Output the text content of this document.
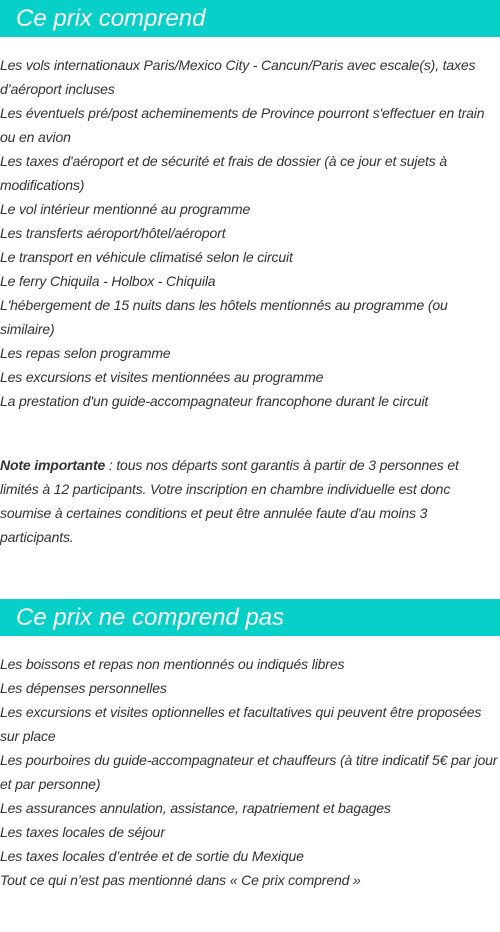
Ce prix comprend
Les vols internationaux Paris/Mexico City - Cancun/Paris avec escale(s), taxes d’aéroport incluses
Les éventuels pré/post acheminements de Province pourront s'effectuer en train ou en avion
Les taxes d'aéroport et de sécurité et frais de dossier (à ce jour et sujets à modifications)
Le vol intérieur mentionné au programme
Les transferts aéroport/hôtel/aéroport
Le transport en véhicule climatisé selon le circuit
Le ferry Chiquila - Holbox - Chiquila
L'hébergement de 15 nuits dans les hôtels mentionnés au programme (ou similaire)
Les repas selon programme
Les excursions et visites mentionnées au programme
La prestation d'un guide-accompagnateur francophone durant le circuit

Note importante : tous nos départs sont garantis à partir de 3 personnes et limités à 12 participants. Votre inscription en chambre individuelle est donc soumise à certaines conditions et peut être annulée faute d'au moins 3 participants.

Ce prix ne comprend pas
Les boissons et repas non mentionnés ou indiqués libres
Les dépenses personnelles
Les excursions et visites optionnelles et facultatives qui peuvent être proposées sur place
Les pourboires du guide-accompagnateur et chauffeurs (à titre indicatif 5€ par jour et par personne)
Les assurances annulation, assistance, rapatriement et bagages
Les taxes locales de séjour
Les taxes locales d’entrée et de sortie du Mexique
Tout ce qui n’est pas mentionné dans « Ce prix comprend »
